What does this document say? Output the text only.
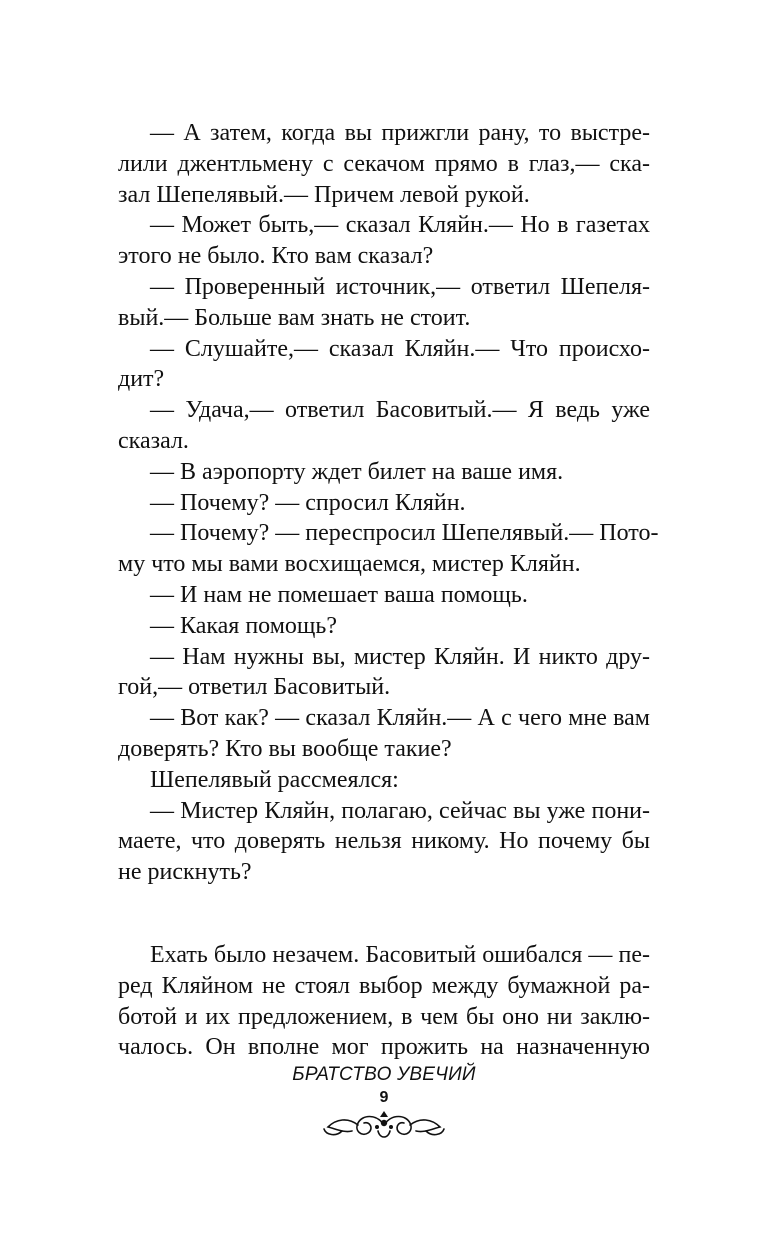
— А затем, когда вы прижгли рану, то выстре-
лили джентльмену с секачом прямо в глаз,— ска-
зал Шепелявый.— Причем левой рукой.
— Может быть,— сказал Кляйн.— Но в газетах
этого не было. Кто вам сказал?
— Проверенный источник,— ответил Шепеля-
вый.— Больше вам знать не стоит.
— Слушайте,— сказал Кляйн.— Что происхо-
дит?
— Удача,— ответил Басовитый.— Я ведь уже
сказал.
— В аэропорту ждет билет на ваше имя.
— Почему? — спросил Кляйн.
— Почему? — переспросил Шепелявый.— Пото-
му что мы вами восхищаемся, мистер Кляйн.
— И нам не помешает ваша помощь.
— Какая помощь?
— Нам нужны вы, мистер Кляйн. И никто дру-
гой,— ответил Басовитый.
— Вот как? — сказал Кляйн.— А с чего мне вам
доверять? Кто вы вообще такие?
Шепелявый рассмеялся:
— Мистер Кляйн, полагаю, сейчас вы уже пони-
маете, что доверять нельзя никому. Но почему бы
не рискнуть?
Ехать было незачем. Басовитый ошибался — пе-
ред Кляйном не стоял выбор между бумажной ра-
ботой и их предложением, в чем бы оно ни заклю-
чалось. Он вполне мог прожить на назначенную
БРАТСТВО УВЕЧИЙ
9
